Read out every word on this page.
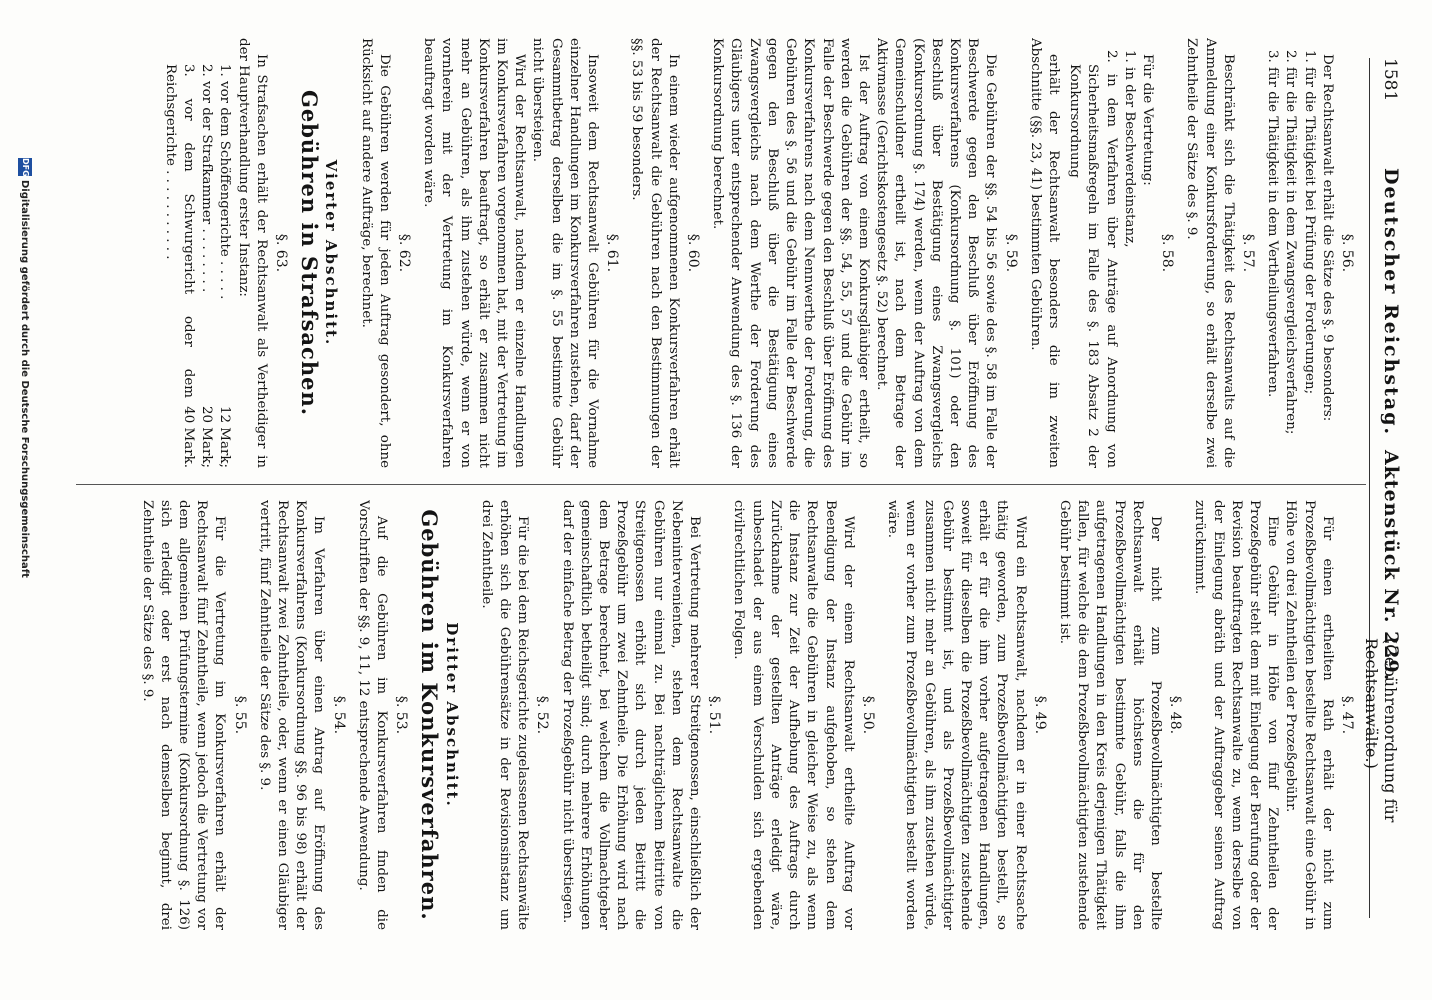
1581
Deutscher Reichstag.
Aktenstück Nr. 229.
(Gebührenordnung für Rechtsanwälte.)
§. 56.

Der Rechtsanwalt erhält die Sätze des §. 9 besonders:

1. für die Thätigkeit bei Prüfung der Forderungen;
2. für die Thätigkeit in dem Zwangsvergleichsverfahren;
3. für die Thätigkeit in dem Vertheilungsverfahren.
§. 57.

Beschränkt sich die Thätigkeit des Rechtsanwalts auf die Anmeldung einer Konkursforderung, so erhält derselbe zwei Zehntheile der Sätze des §. 9.

§. 58.

Für die Vertretung:

1. in der Beschwerdeinstanz,
2. in dem Verfahren über Anträge auf Anordnung von Sicherheitsmaßregeln im Falle des §. 183 Absatz 2 der Konkursordnung

erhält der Rechtsanwalt besonders die im zweiten Abschnitte (§§. 23, 41) bestimmten Gebühren.

§. 59.

Die Gebühren der §§. 54 bis 56 sowie des §. 58 im Falle der Beschwerde gegen den Beschluß über Eröffnung des Konkursverfahrens (Konkursordnung §. 101) oder den Beschluß über Bestätigung eines Zwangsvergleichs (Konkursordnung §. 174) werden, wenn der Auftrag von dem Gemeinschuldner ertheilt ist, nach dem Betrage der Aktivmasse (Gerichtskostengesetz §. 52) berechnet.

Ist der Auftrag von einem Konkursgläubiger ertheilt, so werden die Gebühren der §§. 54, 55, 57 und die Gebühr im Falle der Beschwerde gegen den Beschluß über Eröffnung des Konkursverfahrens nach dem Nennwerthe der Forderung, die Gebühren des §. 56 und die Gebühr im Falle der Beschwerde gegen den Beschluß über die Bestätigung eines Zwangsvergleichs nach dem Werthe der Forderung des Gläubigers unter entsprechender Anwendung des §. 136 der Konkursordnung berechnet.

§. 60.

In einem wieder aufgenommenen Konkursverfahren erhält der Rechtsanwalt die Gebühren nach den Bestimmungen der §§. 53 bis 59 besonders.

§. 61.

Insoweit dem Rechtsanwalt Gebühren für die Vornahme einzelner Handlungen im Konkursverfahren zustehen, darf der Gesammtbetrag derselben die im §. 55 bestimmte Gebühr nicht übersteigen.

Wird der Rechtsanwalt, nachdem er einzelne Handlungen im Konkursverfahren vorgenommen hat, mit der Vertretung im Konkursverfahren beauftragt, so erhält er zusammen nicht mehr an Gebühren, als ihm zustehen würde, wenn er von vornherein mit der Vertretung im Konkursverfahren beauftragt worden wäre.

§. 62.

Die Gebühren werden für jeden Auftrag gesondert, ohne Rücksicht auf andere Aufträge, berechnet.

Vierter Abschnitt.
Gebühren in Strafsachen.
§. 63.

In Strafsachen erhält der Rechtsanwalt als Vertheidiger in der Hauptverhandlung erster Instanz:

1. vor dem Schöffengerichte . . . . .
12 Mark;
2. vor der Strafkammer . . . . . . . .
20 Mark;
3. vor dem Schwurgericht oder dem Reichsgerichte . . . . . . . . . . .
40 Mark.
§. 47.

Für einen ertheilten Rath erhält der nicht zum Prozeßbevollmächtigten bestellte Rechtsanwalt eine Gebühr in Höhe von drei Zehntheilen der Prozeßgebühr.

Eine Gebühr in Höhe von fünf Zehntheilen der Prozeßgebühr steht dem mit Einlegung der Berufung oder der Revision beauftragten Rechtsanwalte zu, wenn derselbe von der Einlegung abräth und der Auftraggeber seinen Auftrag zurücknimmt.

§. 48.

Der nicht zum Prozeßbevollmächtigten bestellte Rechtsanwalt erhält höchstens die für den Prozeßbevollmächtigten bestimmte Gebühr, falls die ihm aufgetragenen Handlungen in den Kreis derjenigen Thätigkeit fallen, für welche die dem Prozeßbevollmächtigten zustehende Gebühr bestimmt ist.

§. 49.

Wird ein Rechtsanwalt, nachdem er in einer Rechtssache thätig geworden, zum Prozeßbevollmächtigten bestellt, so erhält er für die ihm vorher aufgetragenen Handlungen, soweit für dieselben die Prozeßbevollmächtigten zustehende Gebühr bestimmt ist, und als Prozeßbevollmächtigter zusammen nicht mehr an Gebühren, als ihm zustehen würde, wenn er vorher zum Prozeßbevollmächtigten bestellt worden wäre.

§. 50.

Wird der einem Rechtsanwalt ertheilte Auftrag vor Beendigung der Instanz aufgehoben, so stehen dem Rechtsanwalte die Gebühren in gleicher Weise zu, als wenn die Instanz zur Zeit der Aufhebung des Auftrags durch Zurücknahme der gestellten Anträge erledigt wäre, unbeschadet der aus einem Verschulden sich ergebenden civilrechtlichen Folgen.

§. 51.

Bei Vertretung mehrerer Streitgenossen, einschließlich der Nebenintervenienten, stehen dem Rechtsanwalte die Gebühren nur einmal zu. Bei nachträglichem Beitritte von Streitgenossen erhöht sich durch jeden Beitritt die Prozeßgebühr um zwei Zehntheile. Die Erhöhung wird nach dem Betrage berechnet, bei welchem die Vollmachtgeber gemeinschaftlich betheiligt sind; durch mehrere Erhöhungen darf der einfache Betrag der Prozeßgebühr nicht überstiegen.

§. 52.

Für die bei dem Reichsgerichte zugelassenen Rechtsanwälte erhöhen sich die Gebührensätze in der Revisionsinstanz um drei Zehntheile.

Dritter Abschnitt.
Gebühren im Konkursverfahren.
§. 53.

Auf die Gebühren im Konkursverfahren finden die Vorschriften der §§. 9, 11, 12 entsprechende Anwendung.

§. 54.

Im Verfahren über einen Antrag auf Eröffnung des Konkursverfahrens (Konkursordnung §§. 96 bis 98) erhält der Rechtsanwalt zwei Zehntheile, oder, wenn er einen Gläubiger vertritt, fünf Zehntheile der Sätze des §. 9.

§. 55.

Für die Vertretung im Konkursverfahren erhält der Rechtsanwalt fünf Zehntheile, wenn jedoch die Vertretung vor dem allgemeinen Prüfungstermine (Konkursordnung §. 126) sich erledigt oder erst nach demselben beginnt, drei Zehntheile der Sätze des §. 9.

DFG
Digitalisierung gefördert durch die Deutsche Forschungsgemeinschaft
